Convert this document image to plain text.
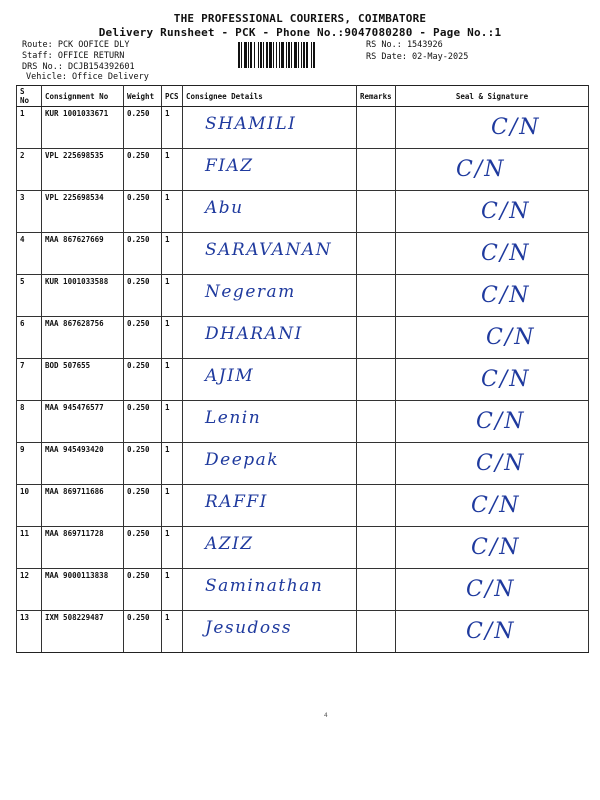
THE PROFESSIONAL COURIERS, COIMBATORE
Delivery Runsheet - PCK - Phone No.:9047080280 - Page No.:1
Route: PCK OOFICE DLY
Staff: OFFICE RETURN
DRS No.: DCJB154392601
Vehicle: Office Delivery
RS No.: 1543926
RS Date: 02-May-2025
S No	Consignment No	Weight	PCS	Consignee Details	Remarks	Seal & Signature
1	KUR 1001033671	0.250	1	SHAMILI		C/N

2	VPL 225698535	0.250	1	FIAZ		C/N

3	VPL 225698534	0.250	1	Abu		C/N

4	MAA 867627669	0.250	1	SARAVANAN		C/N

5	KUR 1001033588	0.250	1	Negeram		C/N

6	MAA 867628756	0.250	1	DHARANI		C/N

7	BOD 507655	0.250	1	AJIM		C/N

8	MAA 945476577	0.250	1	Lenin		C/N

9	MAA 945493420	0.250	1	Deepak		C/N

10	MAA 869711686	0.250	1	RAFFI		C/N

11	MAA 869711728	0.250	1	AZIZ		C/N

12	MAA 9000113838	0.250	1	Saminathan		C/N

13	IXM 508229487	0.250	1	Jesudoss		C/N
4
